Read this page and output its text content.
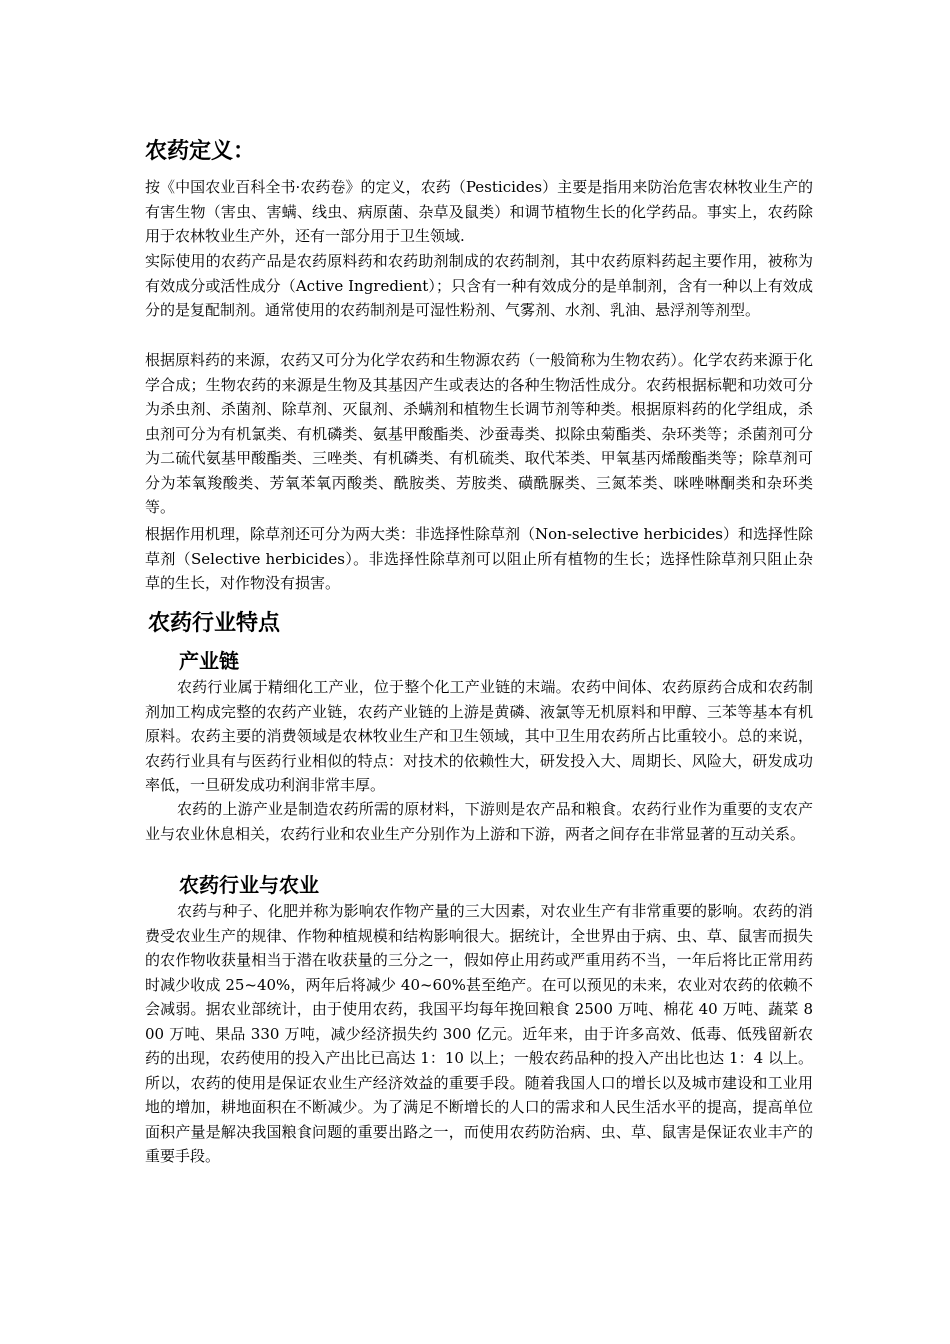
农药定义：

按《中国农业百科全书·农药卷》的定义，农药（Pesticides）主要是指用来防治危害农林牧业生产的有害生物（害虫、害螨、线虫、病原菌、杂草及鼠类）和调节植物生长的化学药品。事实上，农药除用于农林牧业生产外，还有一部分用于卫生领域.

实际使用的农药产品是农药原料药和农药助剂制成的农药制剂，其中农药原料药起主要作用，被称为有效成分或活性成分（Active Ingredient）；只含有一种有效成分的是单制剂，含有一种以上有效成分的是复配制剂。通常使用的农药制剂是可湿性粉剂、气雾剂、水剂、乳油、悬浮剂等剂型。

根据原料药的来源，农药又可分为化学农药和生物源农药（一般简称为生物农药）。化学农药来源于化学合成；生物农药的来源是生物及其基因产生或表达的各种生物活性成分。农药根据标靶和功效可分为杀虫剂、杀菌剂、除草剂、灭鼠剂、杀螨剂和植物生长调节剂等种类。根据原料药的化学组成，杀虫剂可分为有机氯类、有机磷类、氨基甲酸酯类、沙蚕毒类、拟除虫菊酯类、杂环类等；杀菌剂可分为二硫代氨基甲酸酯类、三唑类、有机磷类、有机硫类、取代苯类、甲氧基丙烯酸酯类等；除草剂可分为苯氧羧酸类、芳氧苯氧丙酸类、酰胺类、芳胺类、磺酰脲类、三氮苯类、咪唑啉酮类和杂环类等。

根据作用机理，除草剂还可分为两大类：非选择性除草剂（Non-selective herbicides）和选择性除草剂（Selective herbicides）。非选择性除草剂可以阻止所有植物的生长；选择性除草剂只阻止杂草的生长，对作物没有损害。

农药行业特点
产业链

农药行业属于精细化工产业，位于整个化工产业链的末端。农药中间体、农药原药合成和农药制剂加工构成完整的农药产业链，农药产业链的上游是黄磷、液氯等无机原料和甲醇、三苯等基本有机原料。农药主要的消费领域是农林牧业生产和卫生领域，其中卫生用农药所占比重较小。总的来说，农药行业具有与医药行业相似的特点：对技术的依赖性大，研发投入大、周期长、风险大，研发成功率低，一旦研发成功利润非常丰厚。

农药的上游产业是制造农药所需的原材料，下游则是农产品和粮食。农药行业作为重要的支农产业与农业休息相关，农药行业和农业生产分别作为上游和下游，两者之间存在非常显著的互动关系。

农药行业与农业

农药与种子、化肥并称为影响农作物产量的三大因素，对农业生产有非常重要的影响。农药的消费受农业生产的规律、作物种植规模和结构影响很大。据统计，全世界由于病、虫、草、鼠害而损失的农作物收获量相当于潜在收获量的三分之一，假如停止用药或严重用药不当，一年后将比正常用药时减少收成 25~40%，两年后将减少 40~60%甚至绝产。在可以预见的未来，农业对农药的依赖不会减弱。据农业部统计，由于使用农药，我国平均每年挽回粮食 2500 万吨、棉花 40 万吨、蔬菜 800 万吨、果品 330 万吨，减少经济损失约 300 亿元。近年来，由于许多高效、低毒、低残留新农药的出现，农药使用的投入产出比已高达 1：10 以上；一般农药品种的投入产出比也达 1：4 以上。所以，农药的使用是保证农业生产经济效益的重要手段。随着我国人口的增长以及城市建设和工业用地的增加，耕地面积在不断减少。为了满足不断增长的人口的需求和人民生活水平的提高，提高单位面积产量是解决我国粮食问题的重要出路之一，而使用农药防治病、虫、草、鼠害是保证农业丰产的重要手段。
